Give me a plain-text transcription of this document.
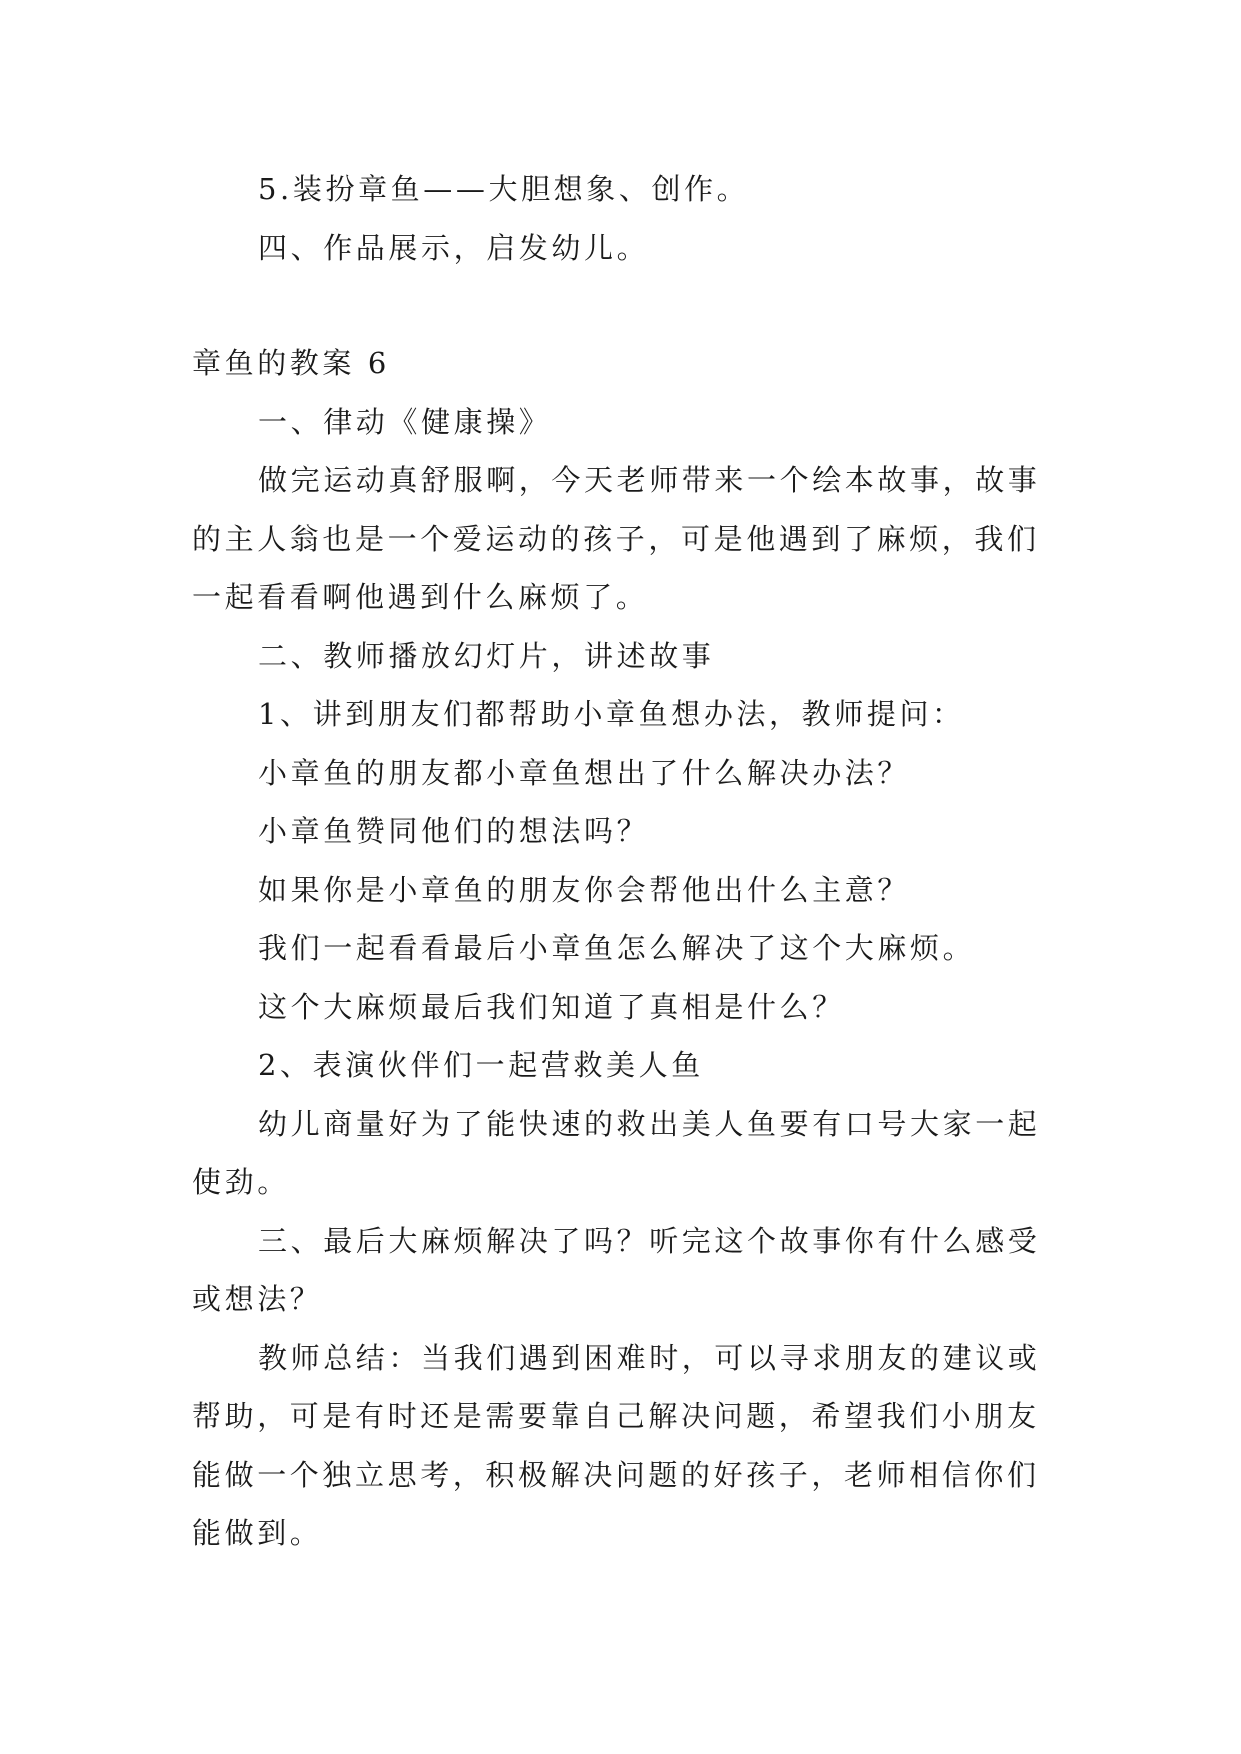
5.装扮章鱼——大胆想象、创作。

四、作品展示，启发幼儿。

章鱼的教案 6

一、律动《健康操》

做完运动真舒服啊，今天老师带来一个绘本故事，故事的主人翁也是一个爱运动的孩子，可是他遇到了麻烦，我们一起看看啊他遇到什么麻烦了。

二、教师播放幻灯片，讲述故事

1、讲到朋友们都帮助小章鱼想办法，教师提问：

小章鱼的朋友都小章鱼想出了什么解决办法？

小章鱼赞同他们的想法吗？

如果你是小章鱼的朋友你会帮他出什么主意？

我们一起看看最后小章鱼怎么解决了这个大麻烦。

这个大麻烦最后我们知道了真相是什么？

2、表演伙伴们一起营救美人鱼

幼儿商量好为了能快速的救出美人鱼要有口号大家一起使劲。

三、最后大麻烦解决了吗？听完这个故事你有什么感受或想法？

教师总结：当我们遇到困难时，可以寻求朋友的建议或帮助，可是有时还是需要靠自己解决问题，希望我们小朋友能做一个独立思考，积极解决问题的好孩子，老师相信你们能做到。
